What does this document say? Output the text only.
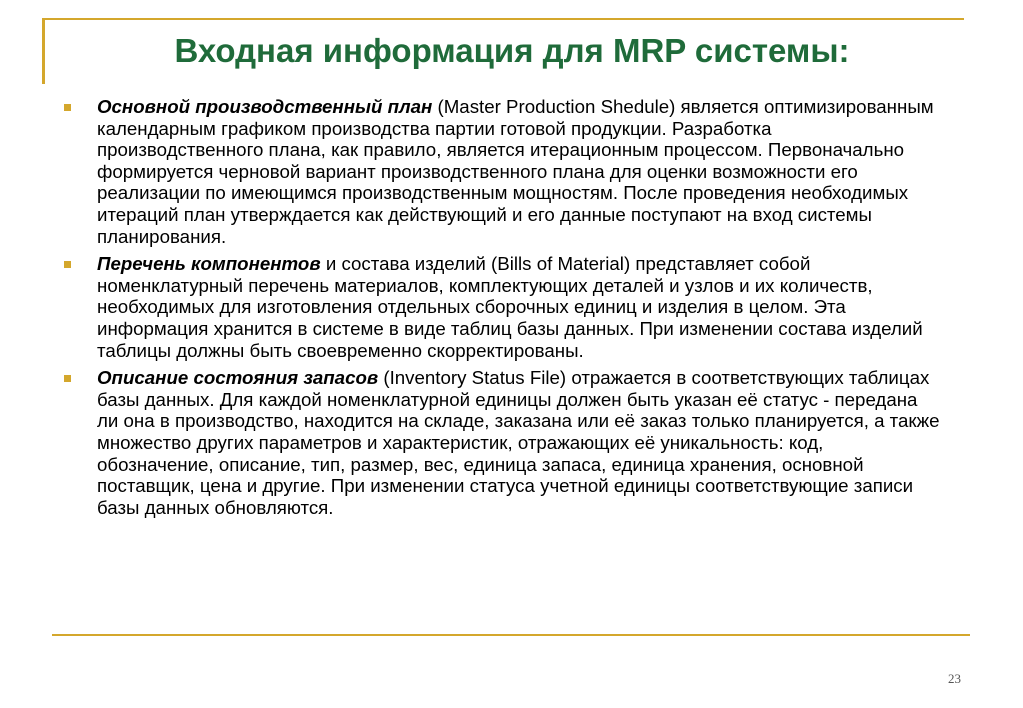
Входная информация для MRP системы:
Основной производственный план (Master Production Shedule) является оптимизированным календарным графиком производства партии готовой продукции. Разработка производственного плана, как правило, является итерационным процессом. Первоначально формируется черновой вариант производственного плана для оценки возможности его реализации по имеющимся производственным мощностям. После проведения необходимых итераций план утверждается как действующий и его данные поступают на вход системы планирования.
Перечень компонентов и состава изделий (Bills of Material) представляет собой номенклатурный перечень материалов, комплектующих деталей и узлов и их количеств, необходимых для изготовления отдельных сборочных единиц и изделия в целом. Эта информация хранится в системе в виде таблиц базы данных. При изменении состава изделий таблицы должны быть своевременно скорректированы.
Описание состояния запасов (Inventory Status File) отражается в соответствующих таблицах базы данных. Для каждой номенклатурной единицы должен быть указан её статус - передана ли она в производство, находится на складе, заказана или её заказ только планируется, а также множество других параметров и характеристик, отражающих её уникальность: код, обозначение, описание, тип, размер, вес, единица запаса, единица хранения, основной поставщик, цена и другие. При изменении статуса учетной единицы соответствующие записи базы данных обновляются.
23
